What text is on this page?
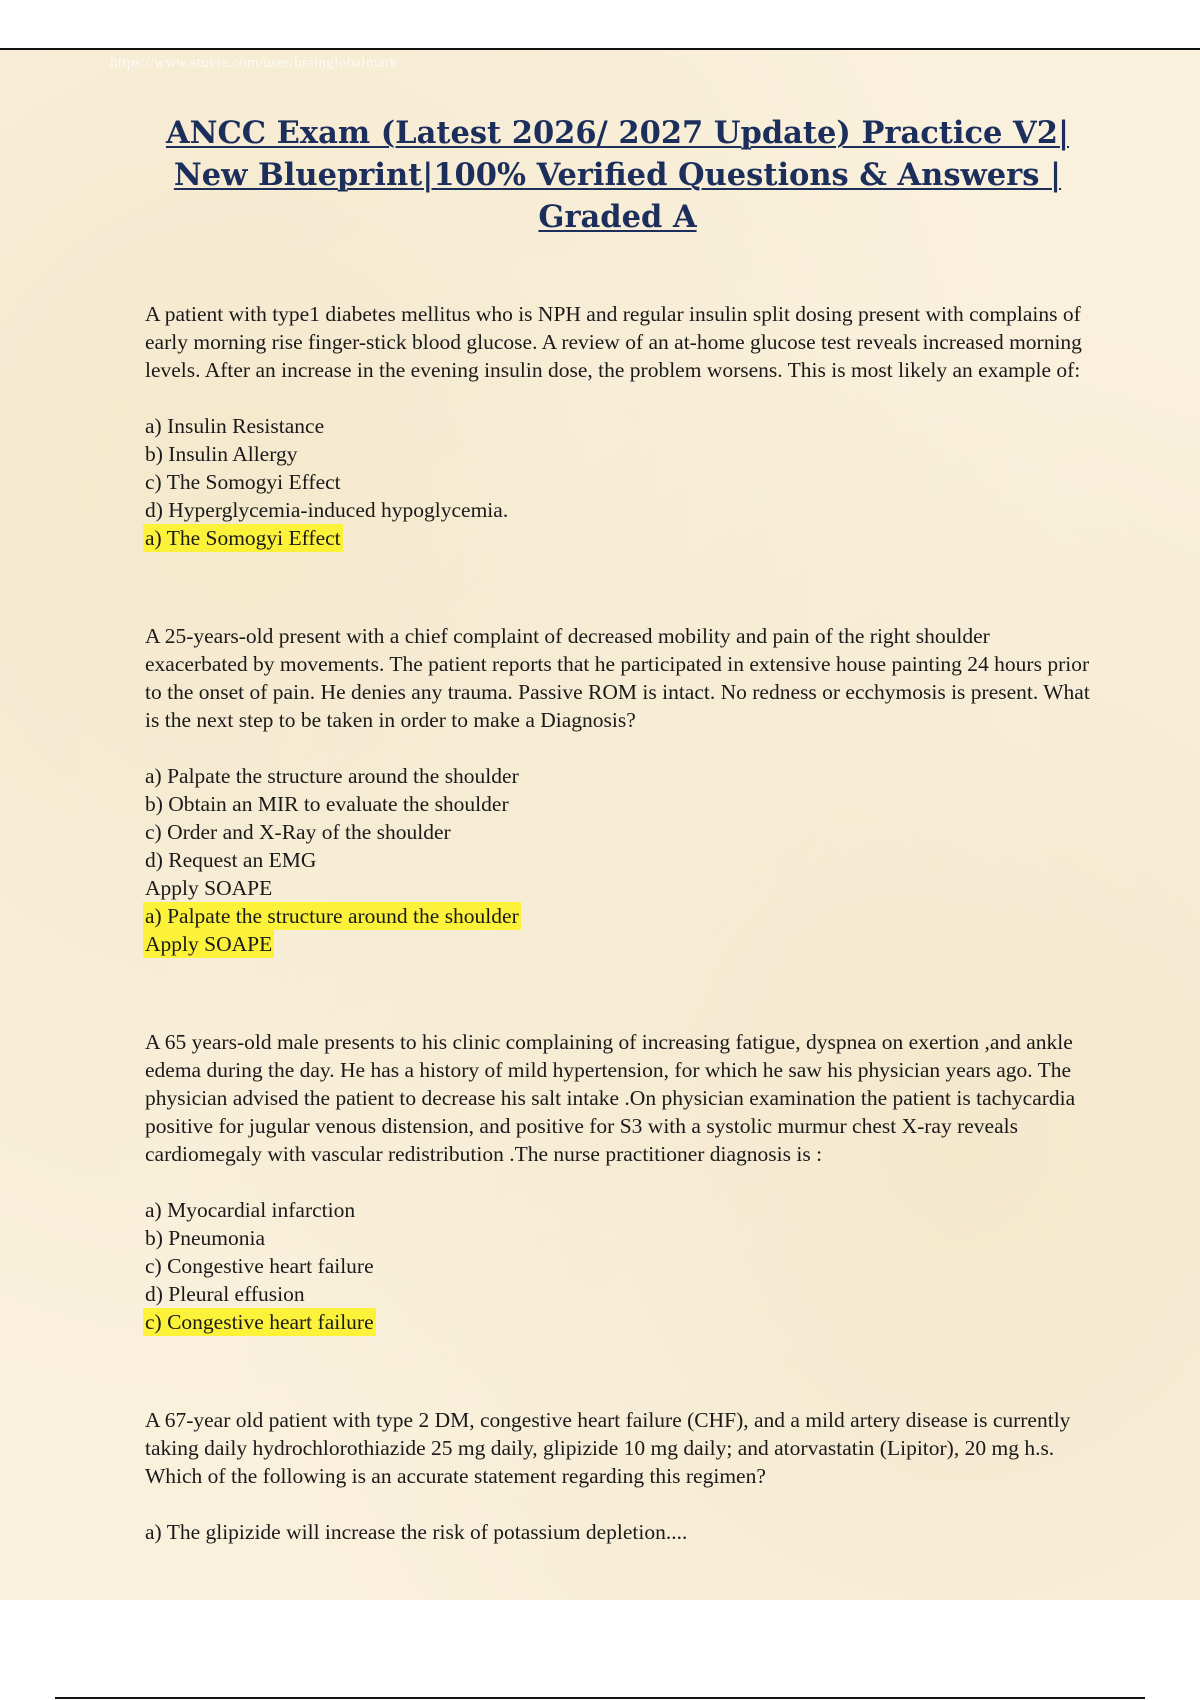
https://www.stuvia.com/user/brainglobalmark
ANCC Exam (Latest 2026/ 2027 Update) Practice V2|
New Blueprint|100% Verified Questions & Answers |
Graded A

A patient with type1 diabetes mellitus who is NPH and regular insulin split dosing present with complains of early morning rise finger-stick blood glucose. A review of an at-home glucose test reveals increased morning levels. After an increase in the evening insulin dose, the problem worsens. This is most likely an example of:

a) Insulin Resistance
b) Insulin Allergy
c) The Somogyi Effect
d) Hyperglycemia-induced hypoglycemia.
a) The Somogyi Effect

A 25-years-old present with a chief complaint of decreased mobility and pain of the right shoulder exacerbated by movements. The patient reports that he participated in extensive house painting 24 hours prior to the onset of pain. He denies any trauma. Passive ROM is intact. No redness or ecchymosis is present. What is the next step to be taken in order to make a Diagnosis?

a) Palpate the structure around the shoulder
b) Obtain an MIR to evaluate the shoulder
c) Order and X-Ray of the shoulder
d) Request an EMG
Apply SOAPE
a) Palpate the structure around the shoulder
Apply SOAPE

A 65 years-old male presents to his clinic complaining of increasing fatigue, dyspnea on exertion ,and ankle edema during the day. He has a history of mild hypertension, for which he saw his physician years ago. The physician advised the patient to decrease his salt intake .On physician examination the patient is tachycardia positive for jugular venous distension, and positive for S3 with a systolic murmur chest X-ray reveals cardiomegaly with vascular redistribution .The nurse practitioner diagnosis is :

a) Myocardial infarction
b) Pneumonia
c) Congestive heart failure
d) Pleural effusion
c) Congestive heart failure

A 67-year old patient with type 2 DM, congestive heart failure (CHF), and a mild artery disease is currently taking daily hydrochlorothiazide 25 mg daily, glipizide 10 mg daily; and atorvastatin (Lipitor), 20 mg h.s. Which of the following is an accurate statement regarding this regimen?

a) The glipizide will increase the risk of potassium depletion....
